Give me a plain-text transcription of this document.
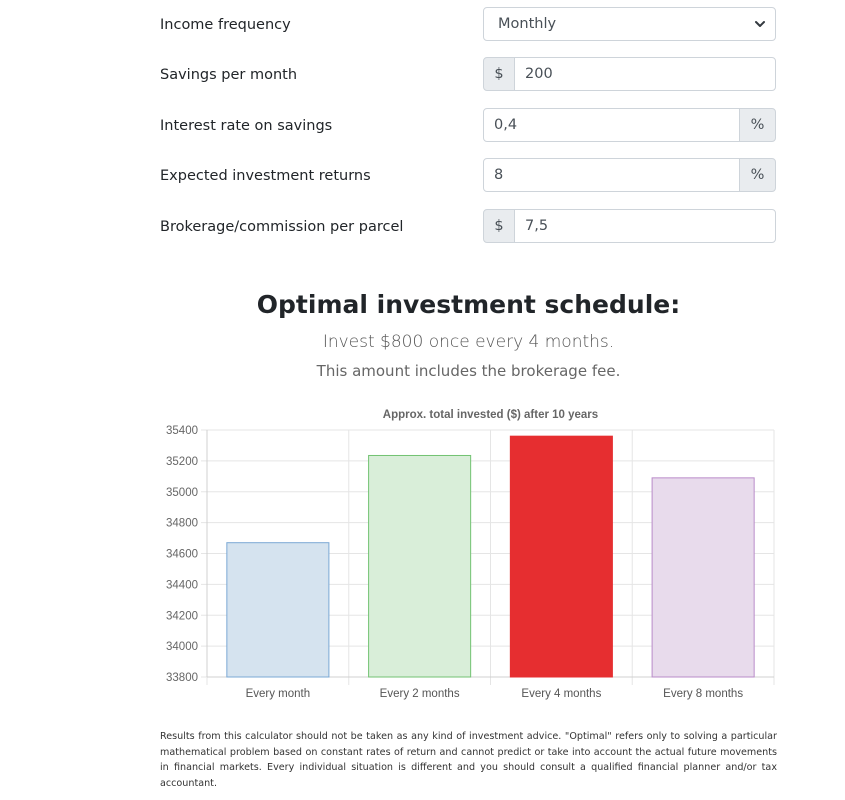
Income frequency	Monthly
Savings per month	$	200
Interest rate on savings	0,4	%
Expected investment returns	8	%
Brokerage/commission per parcel	$	7,5
Optimal investment schedule:
Invest $800 once every 4 months.
This amount includes the brokerage fee.
Approx. total invested ($) after 10 years
35400
35200
35000
34800
34600
34400
34200
34000
33800
Every month	Every 2 months	Every 4 months	Every 8 months
Results from this calculator should not be taken as any kind of investment advice. "Optimal" refers only to solving a particular mathematical problem based on constant rates of return and cannot predict or take into account the actual future movements in financial markets. Every individual situation is different and you should consult a qualified financial planner and/or tax accountant.
